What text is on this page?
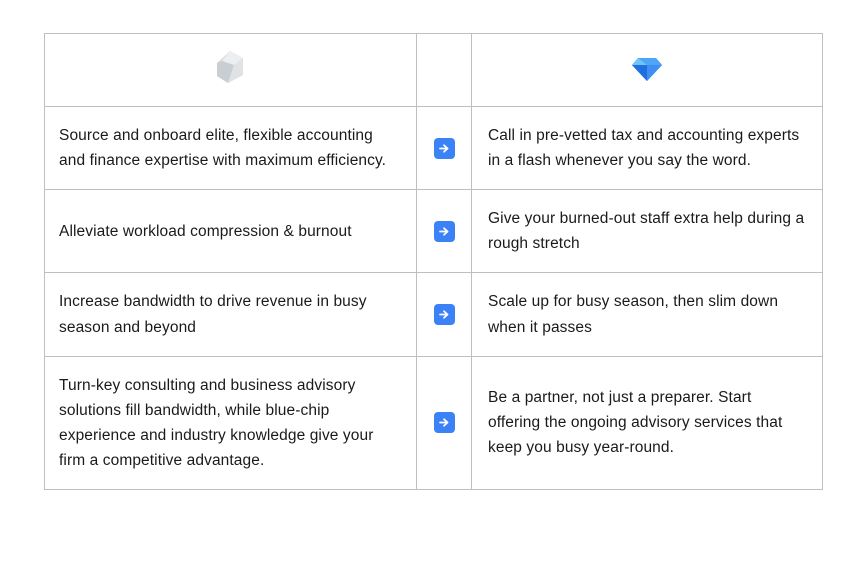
Source and onboard elite, flexible accounting and finance expertise with maximum efficiency.		Call in pre-vetted tax and accounting experts in a flash whenever you say the word.

Alleviate workload compression & burnout		Give your burned-out staff extra help during a rough stretch

Increase bandwidth to drive revenue in busy season and beyond		Scale up for busy season, then slim down when it passes

Turn-key consulting and business advisory solutions fill bandwidth, while blue-chip experience and industry knowledge give your firm a competitive advantage.		Be a partner, not just a preparer. Start offering the ongoing advisory services that keep you busy year-round.
